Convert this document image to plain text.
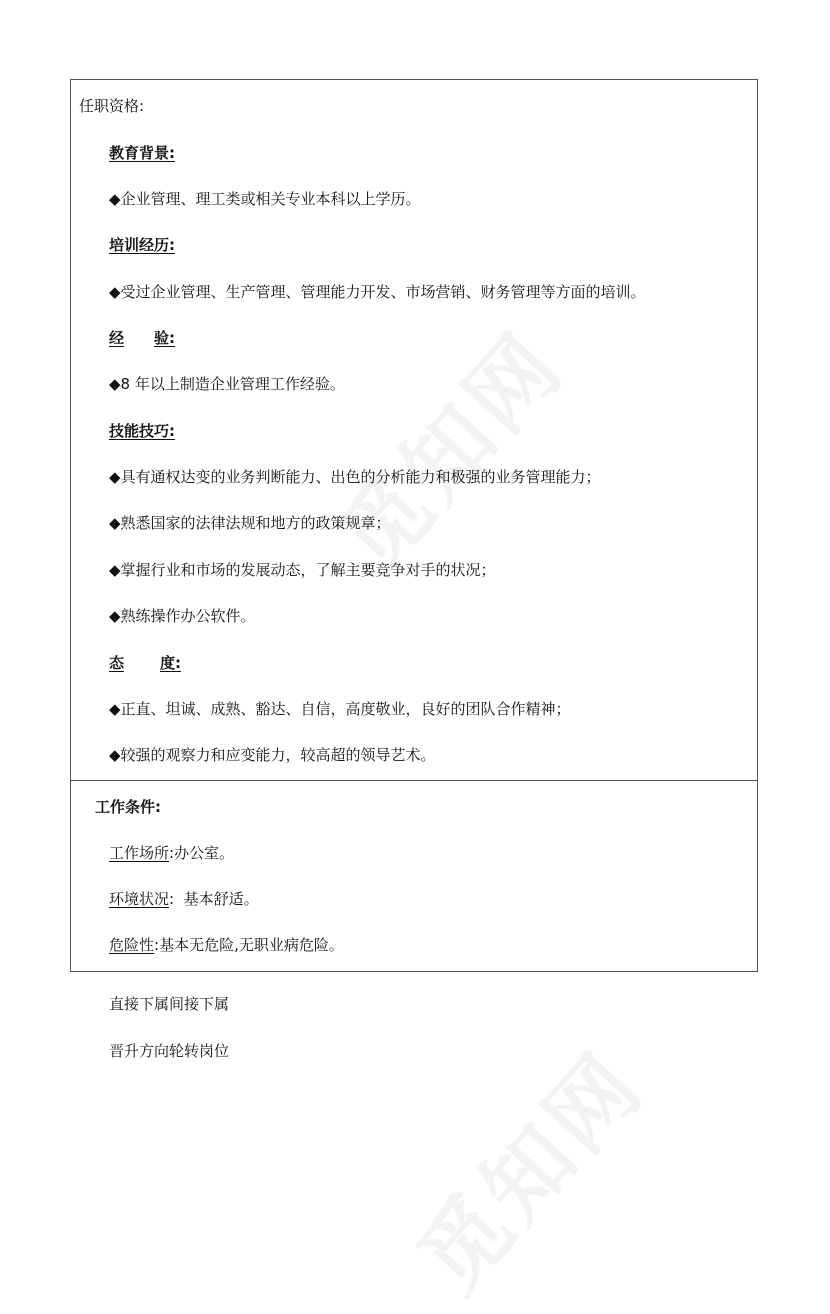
任职资格:
教育背景:
◆企业管理、理工类或相关专业本科以上学历。
培训经历:
◆受过企业管理、生产管理、管理能力开发、市场营销、财务管理等方面的培训。
经 验:
◆8 年以上制造企业管理工作经验。
技能技巧:
◆具有通权达变的业务判断能力、出色的分析能力和极强的业务管理能力；
◆熟悉国家的法律法规和地方的政策规章；
◆掌握行业和市场的发展动态，了解主要竞争对手的状况；
◆熟练操作办公软件。
态 度:
◆正直、坦诚、成熟、豁达、自信，高度敬业，良好的团队合作精神；
◆较强的观察力和应变能力，较高超的领导艺术。
工作条件:
工作场所:办公室。
环境状况:  基本舒适。
危险性:基本无危险,无职业病危险。
直接下属间接下属
晋升方向轮转岗位
